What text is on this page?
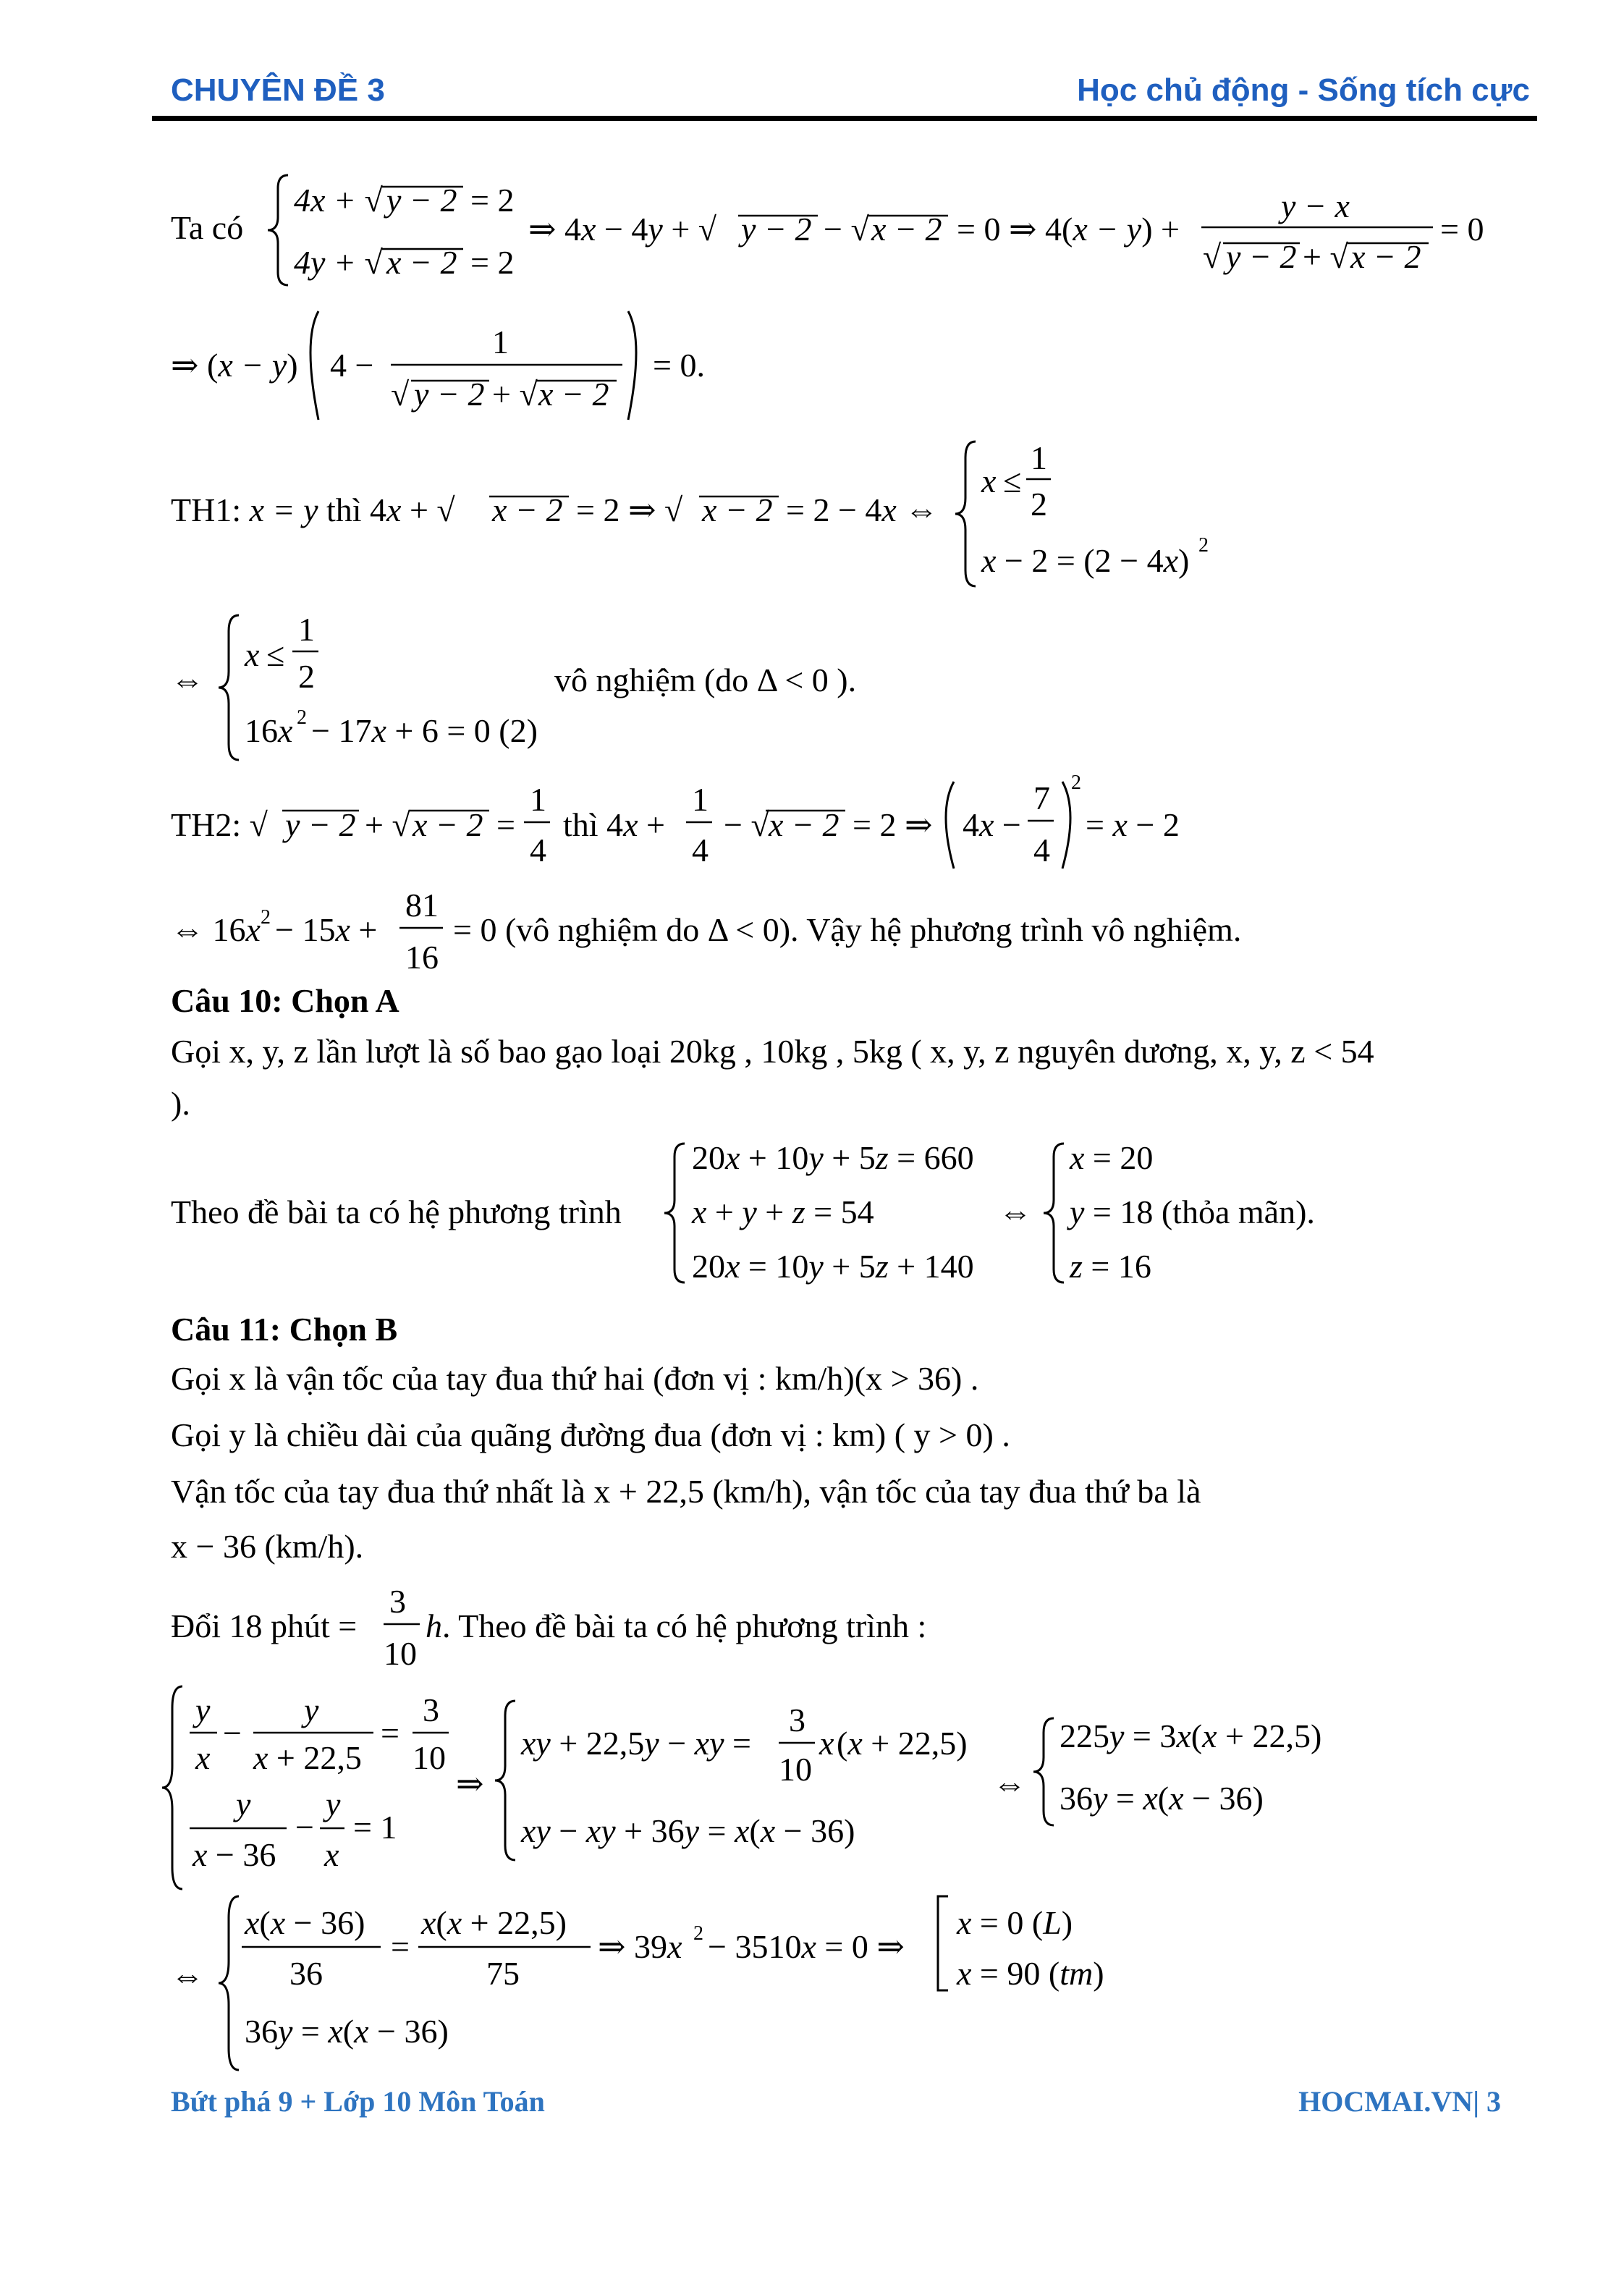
CHUYÊN ĐỀ 3	Học chủ động - Sống tích cực
Ta có
4x + √ y − 2 = 2
4y + √ x − 2 = 2
⇒ 4x − 4y + √ y − 2 − √ x − 2 = 0 ⇒ 4(x − y) +
y − x
√ y − 2 + √ x − 2
= 0
⇒ (x − y) 4 −
1
√ y − 2 + √ x − 2
= 0.
TH1: x = y thì 4x + √ x − 2 = 2 ⇒ √ x − 2 = 2 − 4x ⇔
x ≤
1
2
x − 2 = (2 − 4x) 2
⇔
x ≤
1
2
16x 2 − 17x + 6 = 0 (2)
vô nghiệm (do Δ < 0 ).
TH2: √ y − 2 + √ x − 2 =
1
4
thì 4x +
1
4
− √ x − 2 = 2 ⇒ 4x −
7
4
2
= x − 2
⇔ 16x 2 − 15x +
81
16
= 0 (vô nghiệm do Δ < 0). Vậy hệ phương trình vô nghiệm.
Câu 10: Chọn A
Gọi x, y, z lần lượt là số bao gạo loại 20kg , 10kg , 5kg ( x, y, z nguyên dương, x, y, z < 54
).
Theo đề bài ta có hệ phương trình
20x + 10y + 5z = 660
x + y + z = 54
20x = 10y + 5z + 140
⇔
x = 20
y = 18 (thỏa mãn).
z = 16
Câu 11: Chọn B
Gọi x là vận tốc của tay đua thứ hai (đơn vị : km/h)(x > 36) .
Gọi y là chiều dài của quãng đường đua (đơn vị : km) ( y > 0) .
Vận tốc của tay đua thứ nhất là x + 22,5 (km/h), vận tốc của tay đua thứ ba là
x − 36 (km/h).
Đổi 18 phút =
3
10
h. Theo đề bài ta có hệ phương trình :
y
x
−
y
x + 22,5
=
3
10
y
x − 36
−
y
x
= 1
⇒
xy + 22,5y − xy =
3
10
x (x + 22,5)
xy − xy + 36y = x(x − 36)
⇔
225y = 3x(x + 22,5)
36y = x(x − 36)
⇔
x(x − 36)
36
=
x(x + 22,5)
75
36y = x(x − 36)
⇒ 39x 2 − 3510x = 0 ⇒
x = 0 (L)
x = 90 (tm)
Bứt phá 9 + Lớp 10 Môn Toán	HOCMAI.VN| 3
